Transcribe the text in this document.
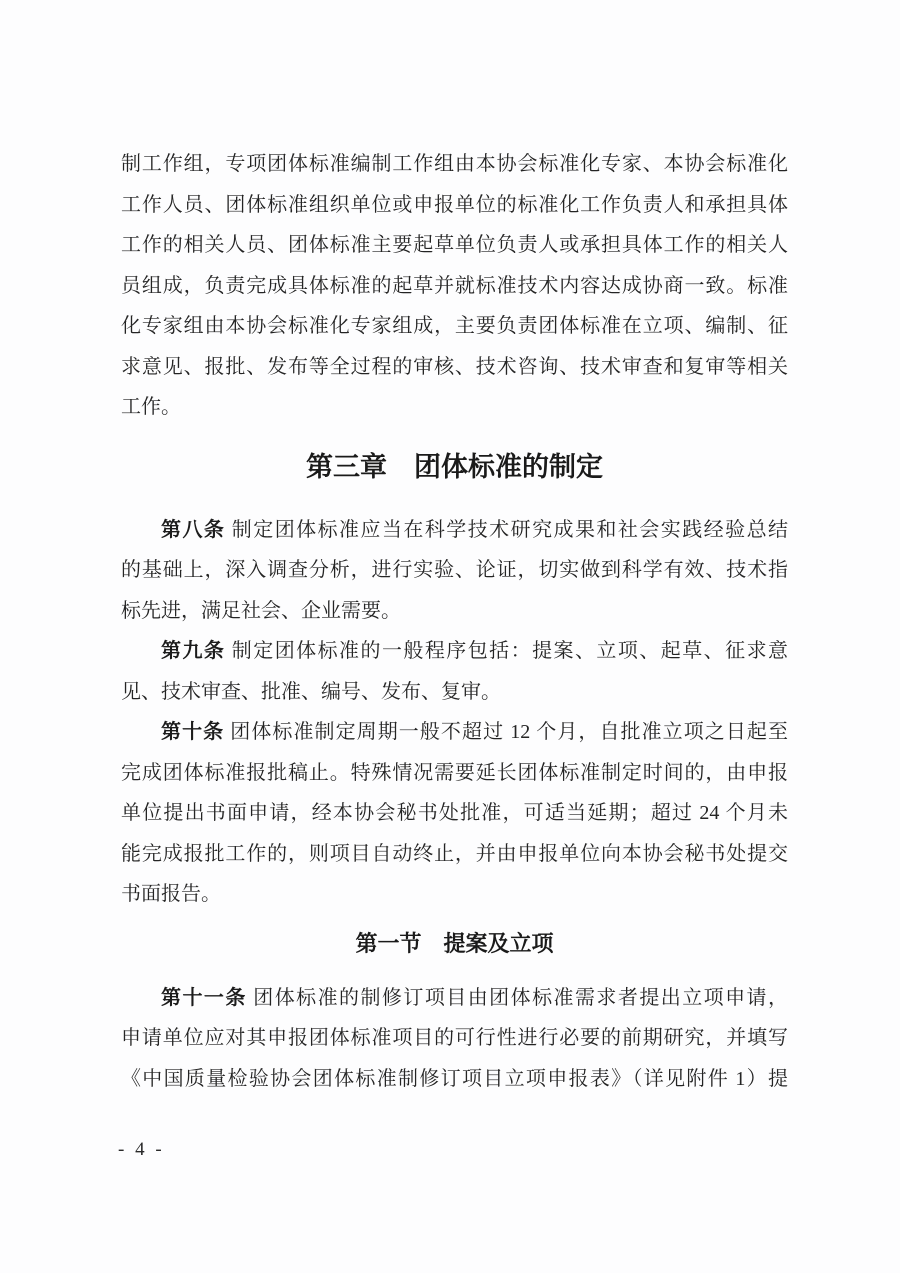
制工作组，专项团体标准编制工作组由本协会标准化专家、本协会标准化
工作人员、团体标准组织单位或申报单位的标准化工作负责人和承担具体
工作的相关人员、团体标准主要起草单位负责人或承担具体工作的相关人
员组成，负责完成具体标准的起草并就标准技术内容达成协商一致。标准
化专家组由本协会标准化专家组成，主要负责团体标准在立项、编制、征
求意见、报批、发布等全过程的审核、技术咨询、技术审查和复审等相关
工作。
第三章　团体标准的制定
第八条 制定团体标准应当在科学技术研究成果和社会实践经验总结
的基础上，深入调查分析，进行实验、论证，切实做到科学有效、技术指
标先进，满足社会、企业需要。
第九条 制定团体标准的一般程序包括：提案、立项、起草、征求意
见、技术审查、批准、编号、发布、复审。
第十条 团体标准制定周期一般不超过 12 个月，自批准立项之日起至
完成团体标准报批稿止。特殊情况需要延长团体标准制定时间的，由申报
单位提出书面申请，经本协会秘书处批准，可适当延期；超过 24 个月未
能完成报批工作的，则项目自动终止，并由申报单位向本协会秘书处提交
书面报告。
第一节　提案及立项
第十一条 团体标准的制修订项目由团体标准需求者提出立项申请，
申请单位应对其申报团体标准项目的可行性进行必要的前期研究，并填写
《中国质量检验协会团体标准制修订项目立项申报表》（详见附件 1）提
- 4 -
